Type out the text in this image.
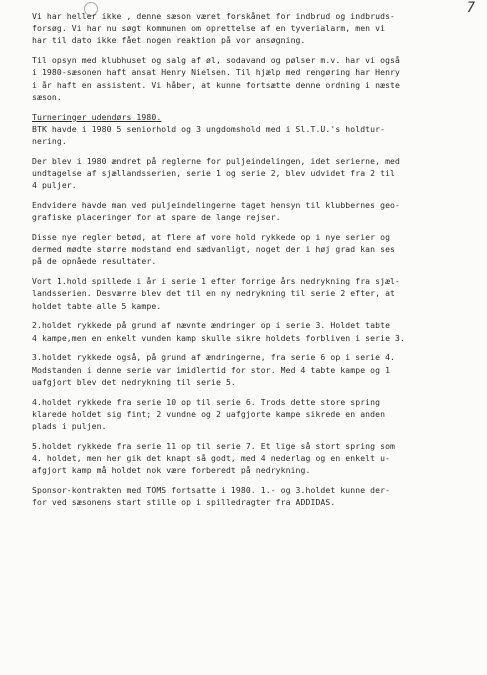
7
Vi har heller ikke , denne sæson været forskånet for indbrud og indbruds-
forsøg. Vi har nu søgt kommunen om oprettelse af en tyverialarm, men vi
har til dato ikke fået nogen reaktion på vor ansøgning.
Til opsyn med klubhuset og salg af øl, sodavand og pølser m.v. har vi også
i 1980-sæsonen haft ansat Henry Nielsen. Til hjælp med rengøring har Henry
i år haft en assistent. Vi håber, at kunne fortsætte denne ordning i næste
sæson.
Turneringer udendørs 1980.
BTK havde i 1980 5 seniorhold og 3 ungdomshold med i Sl.T.U.'s holdtur-
nering.
Der blev i 1980 ændret på reglerne for puljeindelingen, idet serierne, med
undtagelse af sjællandsserien, serie 1 og serie 2, blev udvidet fra 2 til
4 puljer.
Endvidere havde man ved puljeindelingerne taget hensyn til klubbernes geo-
grafiske placeringer for at spare de lange rejser.
Disse nye regler betød, at flere af vore hold rykkede op i nye serier og
dermed mødte større modstand end sædvanligt, noget der i høj grad kan ses
på de opnåede resultater.
Vort 1.hold spillede i år i serie 1 efter forrige års nedrykning fra sjæl-
landsserien. Desværre blev det til en ny nedrykning til serie 2 efter, at
holdet tabte alle 5 kampe.
2.holdet rykkede på grund af nævnte ændringer op i serie 3. Holdet tabte
4 kampe,men en enkelt vunden kamp skulle sikre holdets forbliven i serie 3.
3.holdet rykkede også, på grund af ændringerne, fra serie 6 op i serie 4.
Modstanden i denne serie var imidlertid for stor. Med 4 tabte kampe og 1
uafgjort blev det nedrykning til serie 5.
4.holdet rykkede fra serie 10 op til serie 6. Trods dette store spring
klarede holdet sig fint; 2 vundne og 2 uafgjorte kampe sikrede en anden
plads i puljen.
5.holdet rykkede fra serie 11 op til serie 7. Et lige så stort spring som
4. holdet, men her gik det knapt så godt, med 4 nederlag og en enkelt u-
afgjort kamp må holdet nok være forberedt på nedrykning.
Sponsor-kontrakten med TOMS fortsatte i 1980. 1.- og 3.holdet kunne der-
for ved sæsonens start stille op i spilledragter fra ADDIDAS.
